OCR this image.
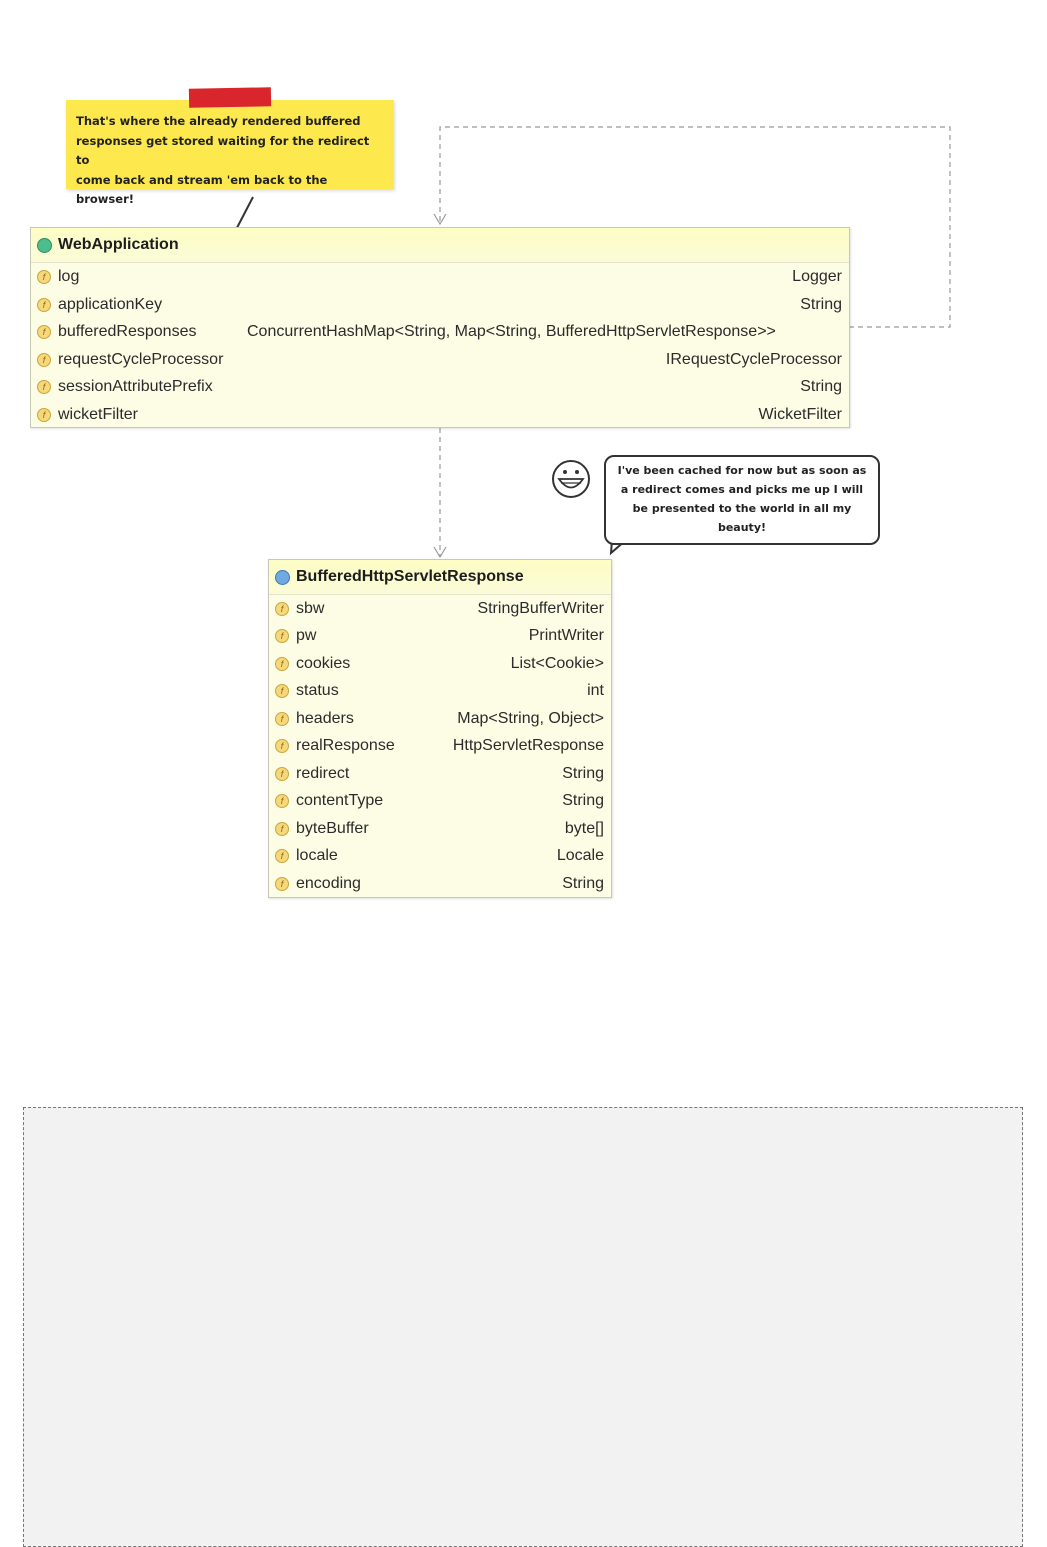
That's where the already rendered buffered
responses get stored waiting for the redirect to
come back and stream 'em back to the browser!
WebApplication
f log	Logger
f applicationKey	String
f bufferedResponses	ConcurrentHashMap<String, Map<String, BufferedHttpServletResponse>>
f requestCycleProcessor	IRequestCycleProcessor
f sessionAttributePrefix	String
f wicketFilter	WicketFilter
I've been cached for now but as soon as
a redirect comes and picks me up I will
be presented to the world in all my
beauty!
BufferedHttpServletResponse
f sbw	StringBufferWriter
f pw	PrintWriter
f cookies	List<Cookie>
f status	int
f headers	Map<String, Object>
f realResponse	HttpServletResponse
f redirect	String
f contentType	String
f byteBuffer	byte[]
f locale	Locale
f encoding	String
